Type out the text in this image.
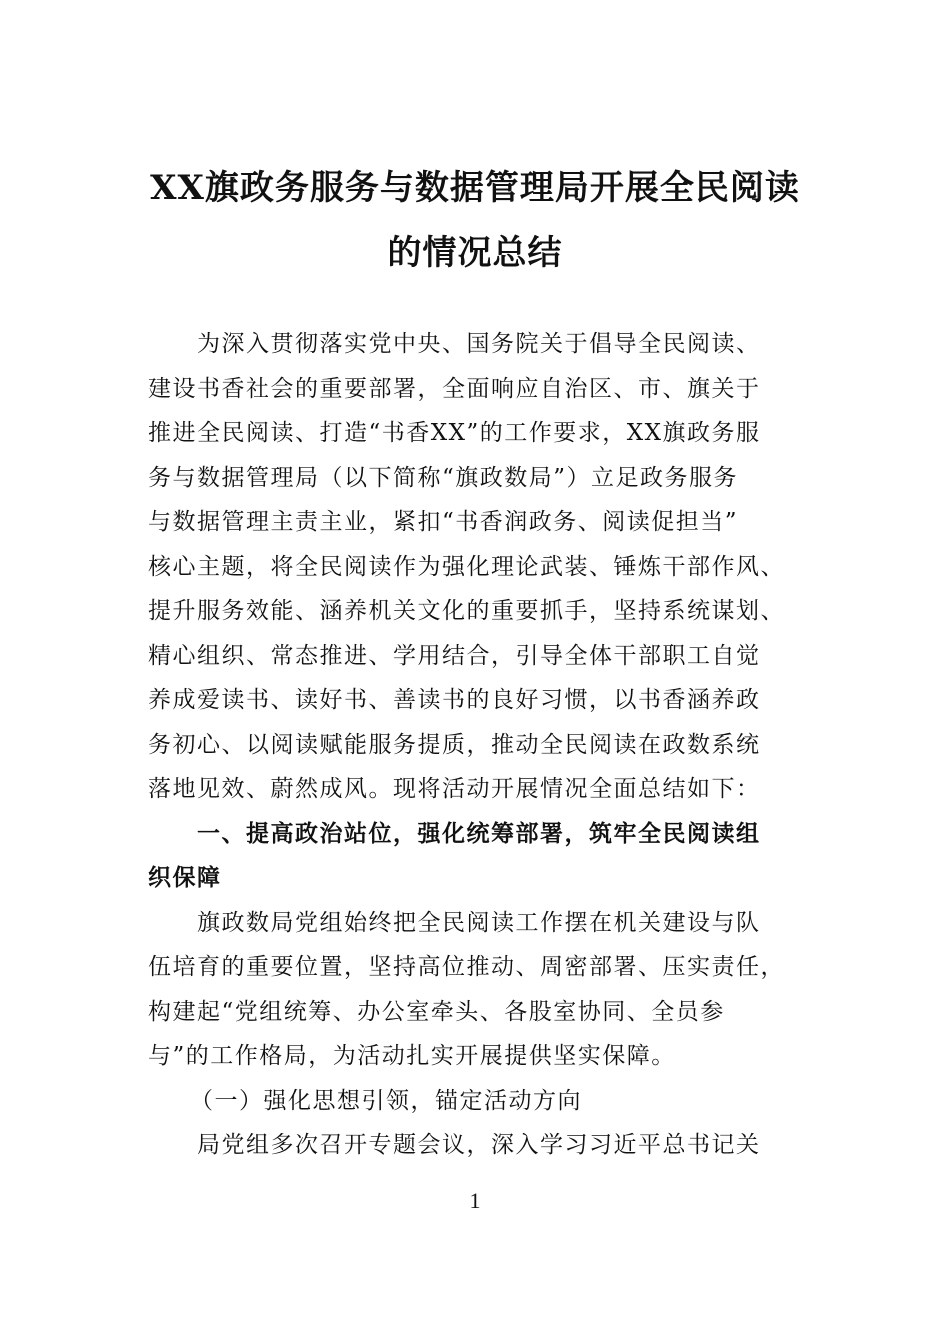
XX旗政务服务与数据管理局开展全民阅读
的情况总结
为深入贯彻落实党中央、国务院关于倡导全民阅读、
建设书香社会的重要部署，全面响应自治区、市、旗关于
推进全民阅读、打造“书香XX”的工作要求，XX旗政务服
务与数据管理局（以下简称“旗政数局”）立足政务服务
与数据管理主责主业，紧扣“书香润政务、阅读促担当”
核心主题，将全民阅读作为强化理论武装、锤炼干部作风、
提升服务效能、涵养机关文化的重要抓手，坚持系统谋划、
精心组织、常态推进、学用结合，引导全体干部职工自觉
养成爱读书、读好书、善读书的良好习惯，以书香涵养政
务初心、以阅读赋能服务提质，推动全民阅读在政数系统
落地见效、蔚然成风。现将活动开展情况全面总结如下：
一、提高政治站位，强化统筹部署，筑牢全民阅读组
织保障
旗政数局党组始终把全民阅读工作摆在机关建设与队
伍培育的重要位置，坚持高位推动、周密部署、压实责任，
构建起“党组统筹、办公室牵头、各股室协同、全员参
与”的工作格局，为活动扎实开展提供坚实保障。
（一）强化思想引领，锚定活动方向
局党组多次召开专题会议，深入学习习近平总书记关
1
